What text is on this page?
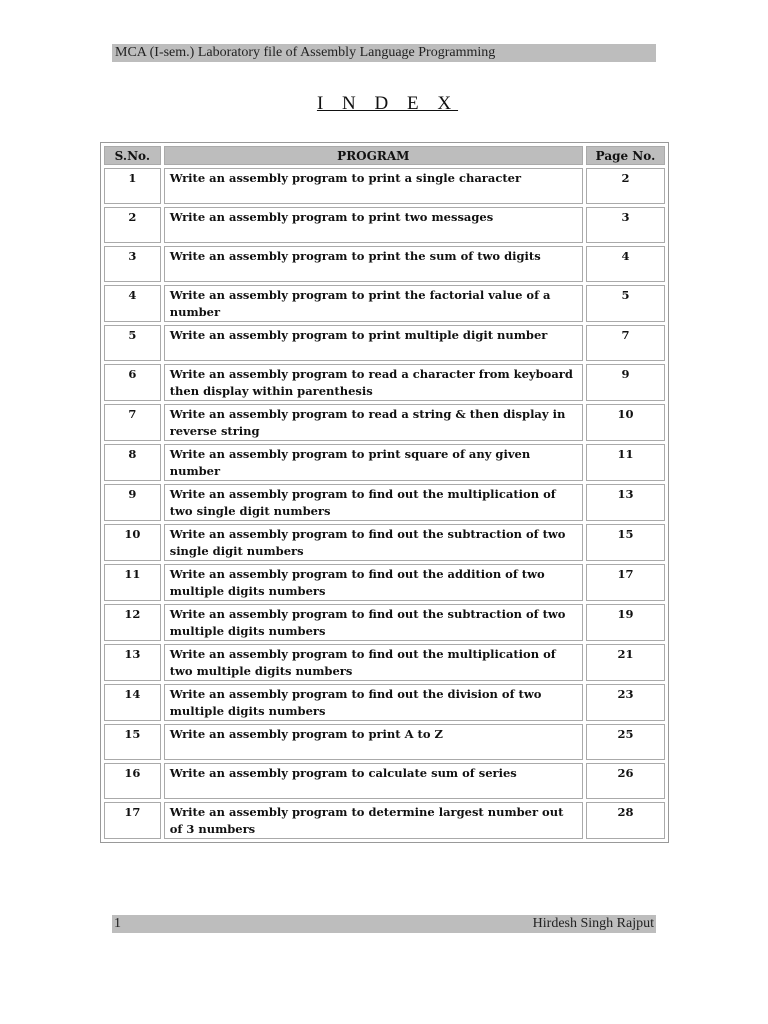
MCA (I-sem.) Laboratory file of Assembly Language Programming
I N D E X
S.No.	PROGRAM	Page No.
1	Write an assembly program to print a single character	2
2	Write an assembly program to print two messages	3
3	Write an assembly program to print the sum of two digits	4
4	Write an assembly program to print the factorial value of a number	5
5	Write an assembly program to print multiple digit number	7
6	Write an assembly program to read a character from keyboard then display within parenthesis	9
7	Write an assembly program to read a string & then display in reverse string	10
8	Write an assembly program to print square of any given number	11
9	Write an assembly program to find out the multiplication of two single digit numbers	13
10	Write an assembly program to find out the subtraction of two single digit numbers	15
11	Write an assembly program to find out the addition of two multiple digits numbers	17
12	Write an assembly program to find out the subtraction of two multiple digits numbers	19
13	Write an assembly program to find out the multiplication of two multiple digits numbers	21
14	Write an assembly program to find out the division of two multiple digits numbers	23
15	Write an assembly program to print A to Z	25
16	Write an assembly program to calculate sum of series	26
17	Write an assembly program to determine largest number out of 3 numbers	28
1	Hirdesh Singh Rajput
